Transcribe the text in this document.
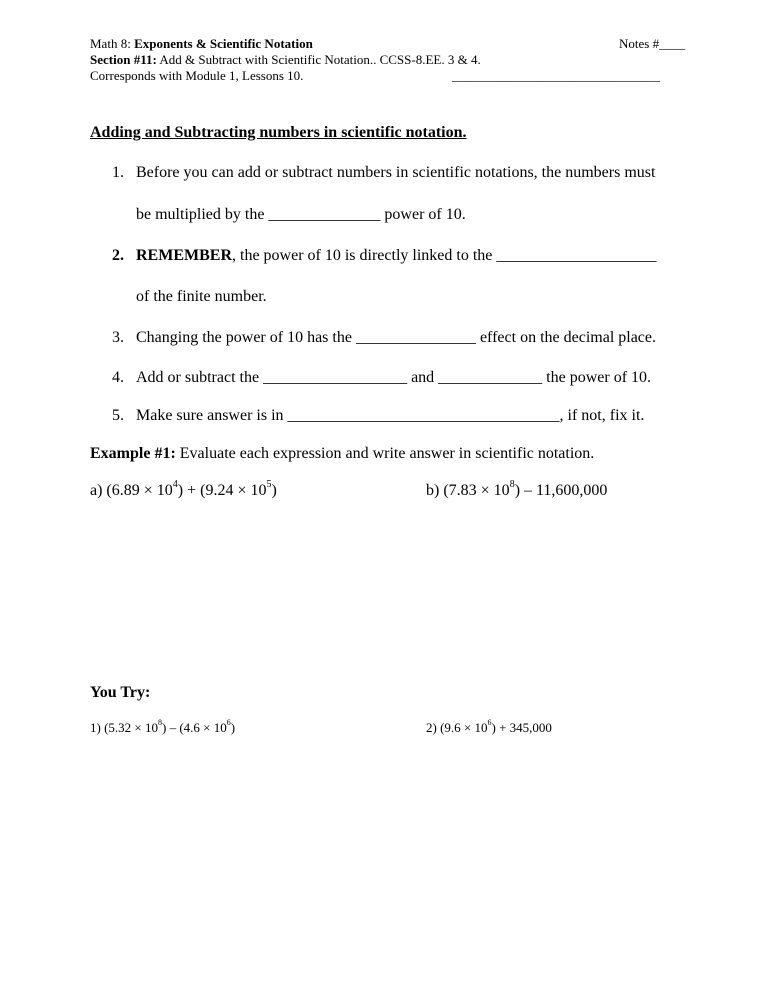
Math 8: Exponents & Scientific Notation	Notes #____
Section #11: Add & Subtract with Scientific Notation.. CCSS-8.EE. 3 & 4.
Corresponds with Module 1, Lessons 10.	________________________________
Adding and Subtracting numbers in scientific notation.
1. Before you can add or subtract numbers in scientific notations, the numbers must
be multiplied by the ______________ power of 10.
2. REMEMBER, the power of 10 is directly linked to the ____________________
of the finite number.
3. Changing the power of 10 has the _______________ effect on the decimal place.
4. Add or subtract the __________________ and _____________ the power of 10.
5. Make sure answer is in __________________________________, if not, fix it.
Example #1: Evaluate each expression and write answer in scientific notation.
a) $(6.89 \times 10^4) + (9.24 \times 10^5)$	b) $(7.83 \times 10^8) - 11,600,000$
You Try:
1) $(5.32 \times 10^8) - (4.6 \times 10^6)$	2) $(9.6 \times 10^6) + 345,000$
